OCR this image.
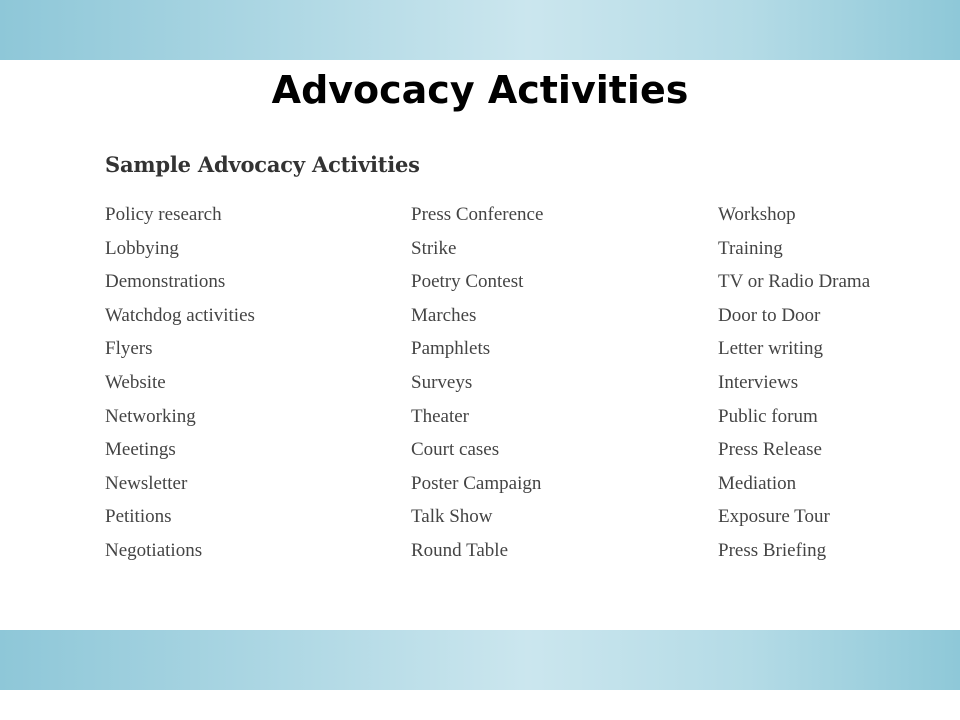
Advocacy Activities
Sample Advocacy Activities
Policy research
Lobbying
Demonstrations
Watchdog activities
Flyers
Website
Networking
Meetings
Newsletter
Petitions
Negotiations
Press Conference
Strike
Poetry Contest
Marches
Pamphlets
Surveys
Theater
Court cases
Poster Campaign
Talk Show
Round Table
Workshop
Training
TV or Radio Drama
Door to Door
Letter writing
Interviews
Public forum
Press Release
Mediation
Exposure Tour
Press Briefing
